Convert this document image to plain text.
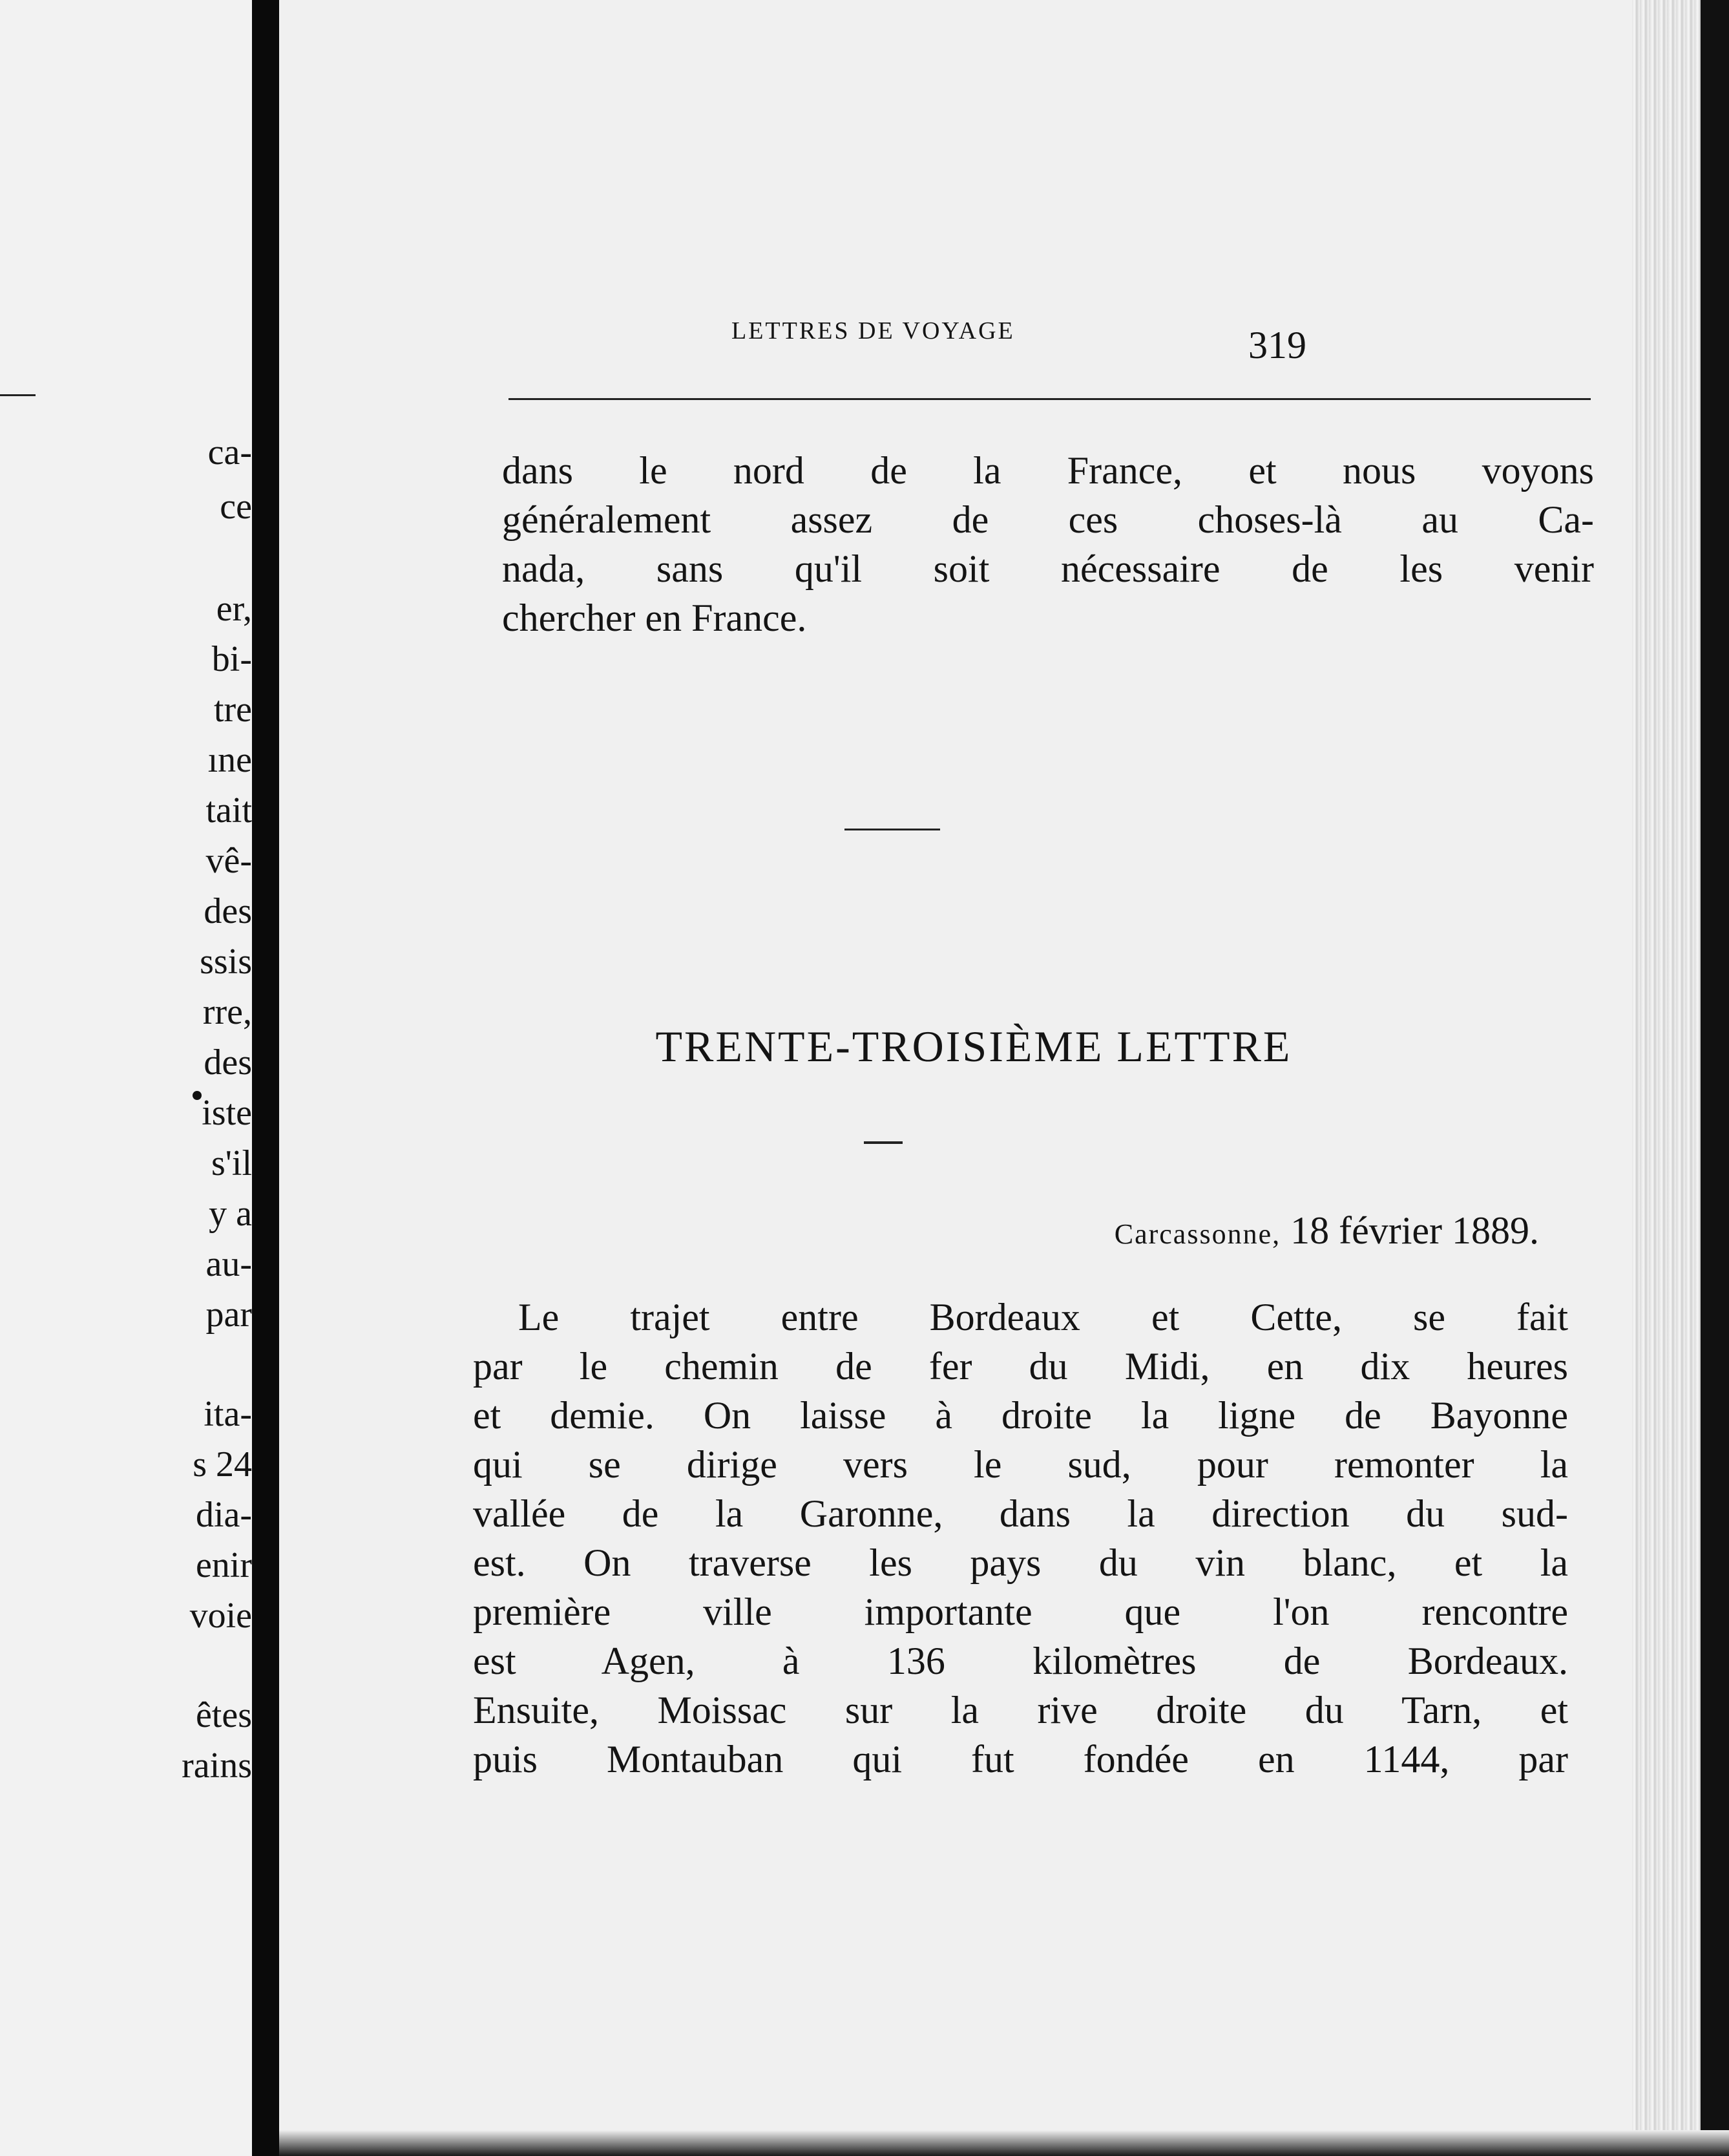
ca-
ce
er,
bi-
tre
ıne
tait
vê-
des
ssis
rre,
des
iste
s'il
y a
au-
par
ita-
s 24
dia-
enir
voie
êtes
rains
LETTRES DE VOYAGE	319
dans le nord de la France, et nous voyons
généralement assez de ces choses-là au Ca-
nada, sans qu'il soit nécessaire de les venir
chercher en France.
TRENTE-TROISIÈME LETTRE
Carcassonne, 18 février 1889.
Le trajet entre Bordeaux et Cette, se fait
par le chemin de fer du Midi, en dix heures
et demie. On laisse à droite la ligne de Bayonne
qui se dirige vers le sud, pour remonter la
vallée de la Garonne, dans la direction du sud-
est. On traverse les pays du vin blanc, et la
première ville importante que l'on rencontre
est Agen, à 136 kilomètres de Bordeaux.
Ensuite, Moissac sur la rive droite du Tarn, et
puis Montauban qui fut fondée en 1144, par
